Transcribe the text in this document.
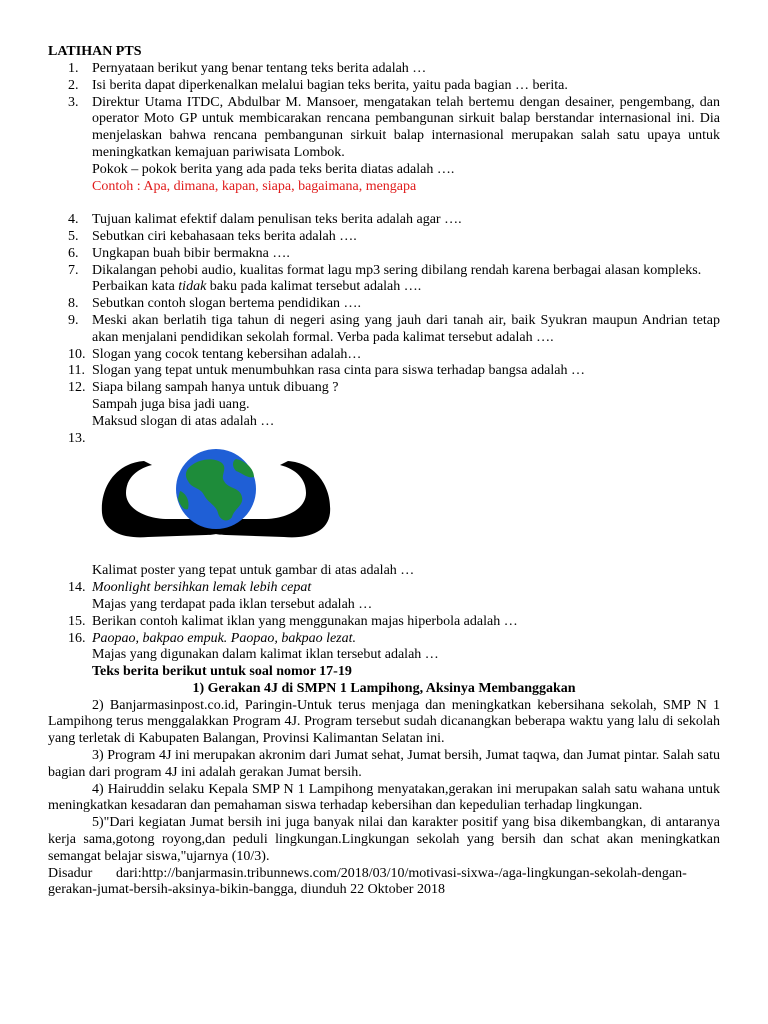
LATIHAN PTS
1. Pernyataan berikut yang benar tentang teks berita adalah …
2. Isi berita dapat diperkenalkan melalui bagian teks berita, yaitu pada bagian … berita.
3. Direktur Utama ITDC, Abdulbar M. Mansoer, mengatakan telah bertemu dengan desainer, pengembang, dan operator Moto GP untuk membicarakan rencana pembangunan sirkuit balap berstandar internasional ini. Dia menjelaskan bahwa rencana pembangunan sirkuit balap internasional merupakan salah satu upaya untuk meningkatkan kemajuan pariwisata Lombok.
Pokok – pokok berita yang ada pada teks berita diatas adalah ….
Contoh : Apa, dimana, kapan, siapa, bagaimana, mengapa
4. Tujuan kalimat efektif dalam penulisan teks berita adalah agar ….
5. Sebutkan ciri kebahasaan teks berita adalah ….
6. Ungkapan buah bibir bermakna ….
7. Dikalangan pehobi audio, kualitas format lagu mp3 sering dibilang rendah karena berbagai alasan kompleks.
Perbaikan kata tidak baku pada kalimat tersebut adalah ….
8. Sebutkan contoh slogan bertema pendidikan ….
9. Meski akan berlatih tiga tahun di negeri asing yang jauh dari tanah air, baik Syukran maupun Andrian tetap akan menjalani pendidikan sekolah formal. Verba pada kalimat tersebut adalah ….
10. Slogan yang cocok tentang kebersihan adalah…
11. Slogan yang tepat untuk menumbuhkan rasa cinta para siswa terhadap bangsa adalah …
12. Siapa bilang sampah hanya untuk dibuang ?
Sampah juga bisa jadi uang.
Maksud slogan di atas adalah …
13.

Kalimat poster yang tepat untuk gambar di atas adalah …
14. Moonlight bersihkan lemak lebih cepat
Majas yang terdapat pada iklan tersebut adalah …
15. Berikan contoh kalimat iklan yang menggunakan majas hiperbola adalah …
16. Paopao, bakpao empuk. Paopao, bakpao lezat.
Majas yang digunakan dalam kalimat iklan tersebut adalah …
Teks berita berikut untuk soal nomor 17-19
1) Gerakan 4J di SMPN 1 Lampihong, Aksinya Membanggakan
2) Banjarmasinpost.co.id, Paringin-Untuk terus menjaga dan meningkatkan kebersihana sekolah, SMP N 1 Lampihong terus menggalakkan Program 4J. Program tersebut sudah dicanangkan beberapa waktu yang lalu di sekolah yang terletak di Kabupaten Balangan, Provinsi Kalimantan Selatan ini.
3) Program 4J ini merupakan akronim dari Jumat sehat, Jumat bersih, Jumat taqwa, dan Jumat pintar. Salah satu bagian dari program 4J ini adalah gerakan Jumat bersih.
4) Hairuddin selaku Kepala SMP N 1 Lampihong menyatakan,gerakan ini merupakan salah satu wahana untuk meningkatkan kesadaran dan pemahaman siswa terhadap kebersihan dan kepedulian terhadap lingkungan.
5)"Dari kegiatan Jumat bersih ini juga banyak nilai dan karakter positif yang bisa dikembangkan, di antaranya kerja sama,gotong royong,dan peduli lingkungan.Lingkungan sekolah yang bersih dan schat akan meningkatkan semangat belajar siswa,"ujarnya (10/3).
Disadur dari:http://banjarmasin.tribunnews.com/2018/03/10/motivasi-sixwa-/aga-lingkungan-sekolah-dengan-gerakan-jumat-bersih-aksinya-bikin-bangga, diunduh 22 Oktober 2018
